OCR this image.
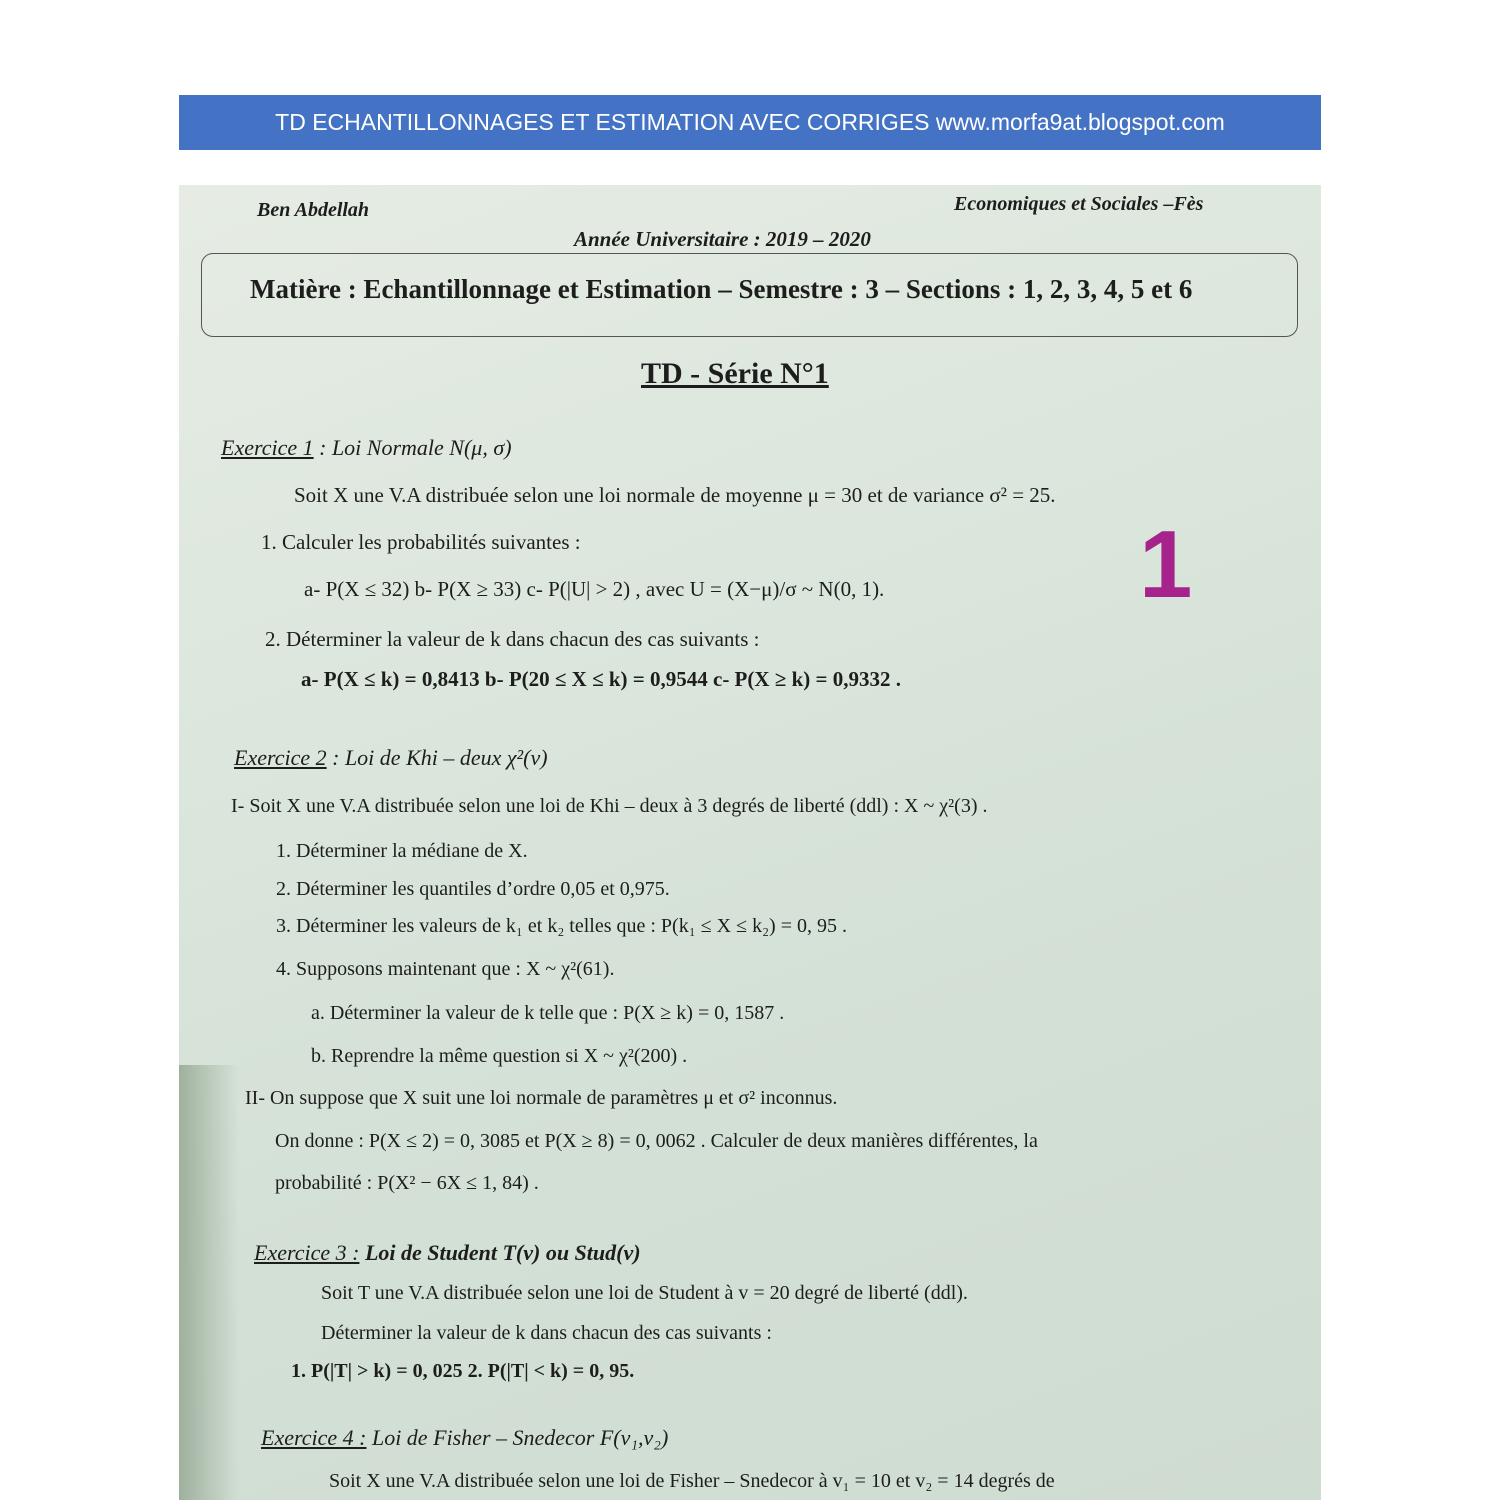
TD ECHANTILLONNAGES ET ESTIMATION AVEC CORRIGES www.morfa9at.blogspot.com
Ben Abdellah	Economiques et Sociales –Fès
Année Universitaire : 2019 – 2020
Matière : Echantillonnage et Estimation – Semestre : 3 – Sections : 1, 2, 3, 4, 5 et 6
TD - Série N°1
1
Exercice 1 : Loi Normale N(μ, σ)
Soit X une V.A distribuée selon une loi normale de moyenne μ = 30 et de variance σ² = 25.
1. Calculer les probabilités suivantes :
a- P(X ≤ 32) b- P(X ≥ 33) c- P(|U| > 2) , avec U = (X−μ)/σ ~ N(0, 1).
2. Déterminer la valeur de k dans chacun des cas suivants :
a- P(X ≤ k) = 0,8413 b- P(20 ≤ X ≤ k) = 0,9544 c- P(X ≥ k) = 0,9332 .
Exercice 2 : Loi de Khi – deux χ²(v)
I- Soit X une V.A distribuée selon une loi de Khi – deux à 3 degrés de liberté (ddl) : X ~ χ²(3) .
1. Déterminer la médiane de X.
2. Déterminer les quantiles d’ordre 0,05 et 0,975.
3. Déterminer les valeurs de k₁ et k₂ telles que : P(k₁ ≤ X ≤ k₂) = 0, 95 .
4. Supposons maintenant que : X ~ χ²(61).
a. Déterminer la valeur de k telle que : P(X ≥ k) = 0, 1587 .
b. Reprendre la même question si X ~ χ²(200) .
II- On suppose que X suit une loi normale de paramètres μ et σ² inconnus.
On donne : P(X ≤ 2) = 0, 3085 et P(X ≥ 8) = 0, 0062 . Calculer de deux manières différentes, la
probabilité : P(X² − 6X ≤ 1, 84) .
Exercice 3 : Loi de Student T(v) ou Stud(v)
Soit T une V.A distribuée selon une loi de Student à v = 20 degré de liberté (ddl).
Déterminer la valeur de k dans chacun des cas suivants :
1. P(|T| > k) = 0, 025 2. P(|T| < k) = 0, 95.
Exercice 4 : Loi de Fisher – Snedecor F(v₁,v₂)
Soit X une V.A distribuée selon une loi de Fisher – Snedecor à v₁ = 10 et v₂ = 14 degrés de
